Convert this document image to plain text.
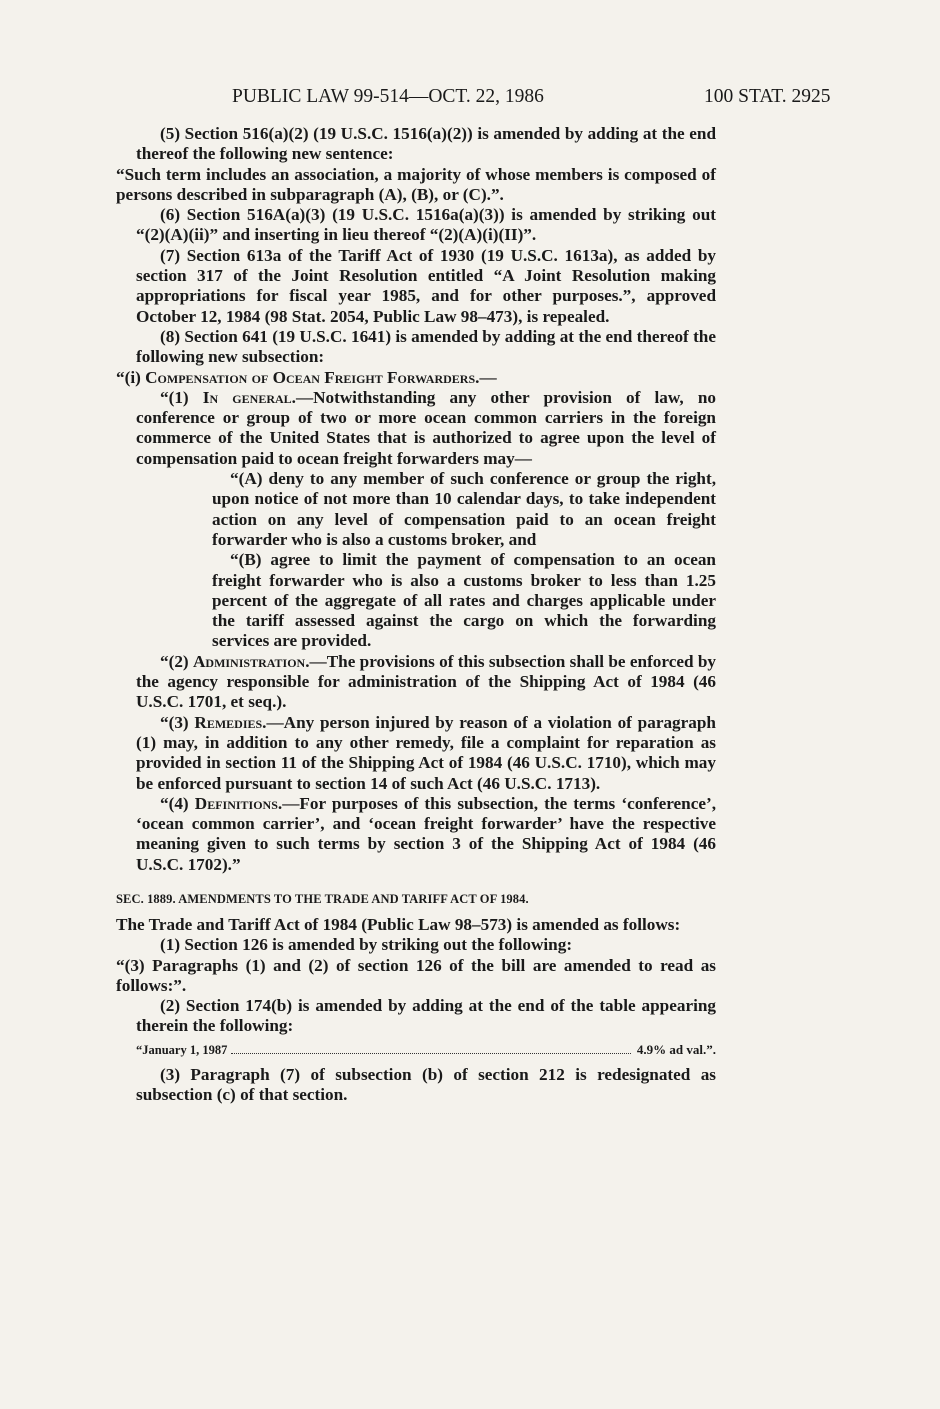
PUBLIC LAW 99-514—OCT. 22, 1986	100 STAT. 2925

(5) Section 516(a)(2) (19 U.S.C. 1516(a)(2)) is amended by adding at the end thereof the following new sentence:

“Such term includes an association, a majority of whose members is composed of persons described in subparagraph (A), (B), or (C).”.

(6) Section 516A(a)(3) (19 U.S.C. 1516a(a)(3)) is amended by striking out “(2)(A)(ii)” and inserting in lieu thereof “(2)(A)(i)(II)”.

(7) Section 613a of the Tariff Act of 1930 (19 U.S.C. 1613a), as added by section 317 of the Joint Resolution entitled “A Joint Resolution making appropriations for fiscal year 1985, and for other purposes.”, approved October 12, 1984 (98 Stat. 2054, Public Law 98–473), is repealed.

(8) Section 641 (19 U.S.C. 1641) is amended by adding at the end thereof the following new subsection:

“(i) Compensation of Ocean Freight Forwarders.—

“(1) In general.—Notwithstanding any other provision of law, no conference or group of two or more ocean common carriers in the foreign commerce of the United States that is authorized to agree upon the level of compensation paid to ocean freight forwarders may—

“(A) deny to any member of such conference or group the right, upon notice of not more than 10 calendar days, to take independent action on any level of compensation paid to an ocean freight forwarder who is also a customs broker, and

“(B) agree to limit the payment of compensation to an ocean freight forwarder who is also a customs broker to less than 1.25 percent of the aggregate of all rates and charges applicable under the tariff assessed against the cargo on which the forwarding services are provided.

“(2) Administration.—The provisions of this subsection shall be enforced by the agency responsible for administration of the Shipping Act of 1984 (46 U.S.C. 1701, et seq.).

“(3) Remedies.—Any person injured by reason of a violation of paragraph (1) may, in addition to any other remedy, file a complaint for reparation as provided in section 11 of the Shipping Act of 1984 (46 U.S.C. 1710), which may be enforced pursuant to section 14 of such Act (46 U.S.C. 1713).

“(4) Definitions.—For purposes of this subsection, the terms ‘conference’, ‘ocean common carrier’, and ‘ocean freight forwarder’ have the respective meaning given to such terms by section 3 of the Shipping Act of 1984 (46 U.S.C. 1702).”

SEC. 1889. AMENDMENTS TO THE TRADE AND TARIFF ACT OF 1984.

The Trade and Tariff Act of 1984 (Public Law 98–573) is amended as follows:

(1) Section 126 is amended by striking out the following:

“(3) Paragraphs (1) and (2) of section 126 of the bill are amended to read as follows:”.

(2) Section 174(b) is amended by adding at the end of the table appearing therein the following:

“January 1, 1987	4.9% ad val.”.

(3) Paragraph (7) of subsection (b) of section 212 is redesignated as subsection (c) of that section.
